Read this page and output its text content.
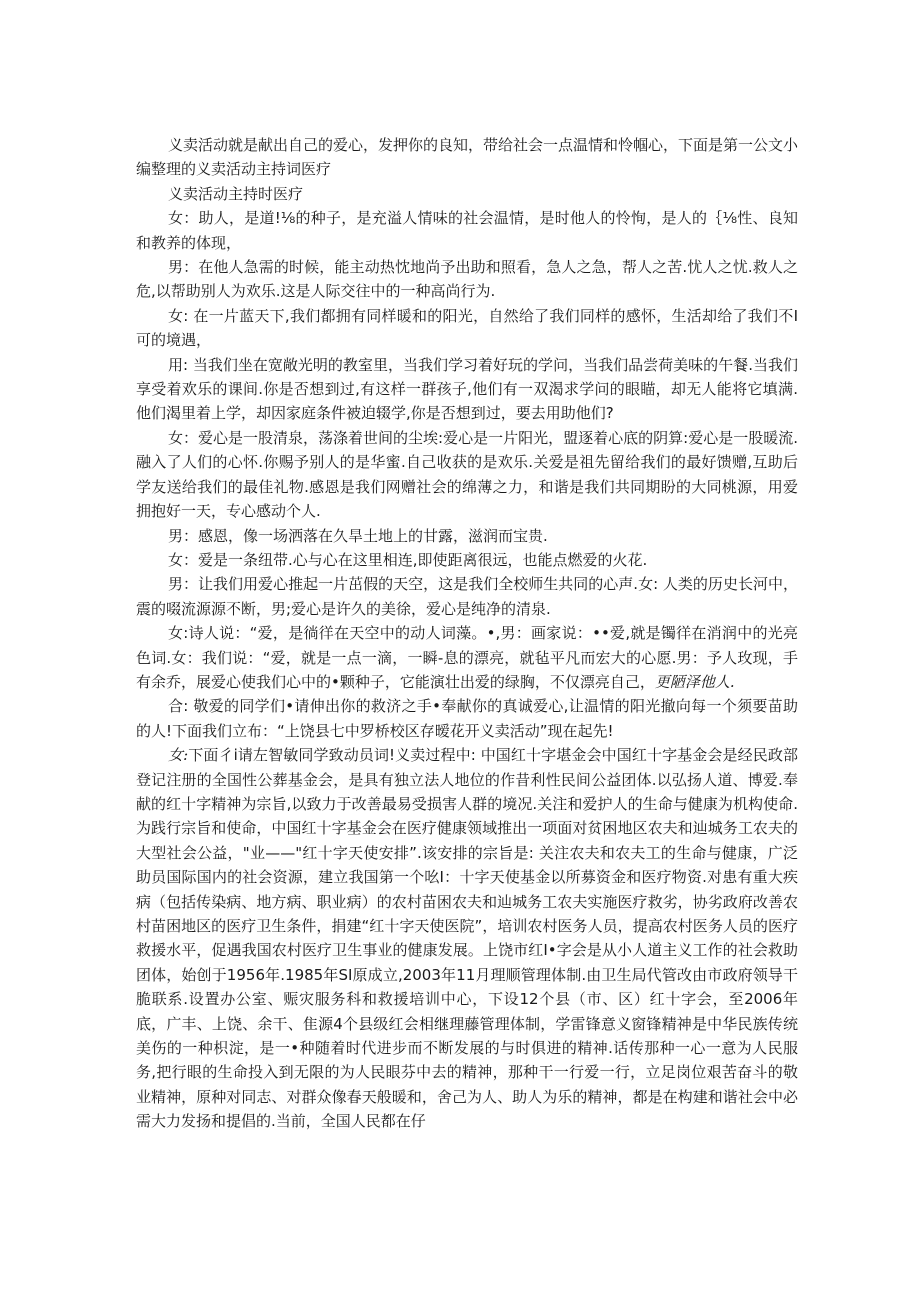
义卖活动就是献出自己的爱心，发押你的良知，带给社会一点温情和怜帼心，下面是第一公文小编整理的义卖活动主持词医疗

义卖活动主持时医疗

女：助人，是道!⅛的种子，是充溢人情味的社会温情，是时他人的怜恂，是人的｛⅛性、良知和教养的体现，

男：在他人急需的时候，能主动热忱地尚予出助和照看，急人之急，帮人之苦.忧人之忧.救人之危,以帮助别人为欢乐.这是人际交往中的一种高尚行为.

女: 在一片蓝天下,我们都拥有同样暖和的阳光，自然给了我们同样的感怀，生活却给了我们不I可的境遇，

用: 当我们坐在宽敞光明的教室里，当我们学习着好玩的学问，当我们品尝荷美味的午餐.当我们享受着欢乐的课间.你是否想到过,有这样一群孩子,他们有一双渴求学问的眼瞄，却无人能将它填满.他们渴里着上学，却因家庭条件被迫辍学,你是否想到过，要去用助他们?

女：爱心是一股清泉，荡涤着世间的尘埃:爱心是一片阳光，盟逐着心底的阴算:爱心是一股暖流.融入了人们的心怀.你赐予别人的是华蜜.自己收获的是欢乐.关爱是祖先留给我们的最好馈赠,互助后学友送给我们的最佳礼物.感恩是我们网赠社会的绵薄之力，和谐是我们共同期盼的大同桃源，用爱拥抱好一天，专心感动个人.

男：感恩，像一场洒落在久旱土地上的甘露，滋润而宝贵.

女：爱是一条纽带.心与心在这里相连,即使距离很远，也能点燃爱的火花.

男：让我们用爱心推起一片茁假的天空，这是我们全校师生共同的心声.女: 人类的历史长河中，震的啜流源源不断，男;爱心是许久的美徐，爱心是纯净的清泉.

女:诗人说：“爱，是徜徉在天空中的动人词藻。•,男：画家说：••爱,就是镯徉在消润中的光亮色词.女：我们说：“爱，就是一点一滴，一瞬-息的漂亮，就毡平凡而宏大的心愿.男：予人玫现，手有余乔，展爱心使我们心中的•颗种子，它能演壮出爱的绿胸，不仅漂亮自己，更陋泽他人.

合: 敬爱的同学们•请伸出你的救济之手•奉献你的真诚爱心,让温情的阳光撤向每一个须要苗助的人!下面我们立布：“上饶县七中罗桥校区存暧花开义卖活动”现在起先!

女:下面彳i请左智敏同学致动员词!义卖过程中: 中国红十字堪金会中国红十字基金会是经民政部登记注册的全国性公葬基金会，是具有独立法人地位的作昔利性民间公益团体.以弘扬人道、博爱.奉献的红十字精神为宗旨,以致力于改善最易受损害人群的境况.关注和爱护人的生命与健康为机构使命.为践行宗旨和使命，中国红十字基金会在医疗健康领域推出一项面对贫困地区农夫和辿城务工农夫的大型社会公益，"业——"红十字天使安排”.该安排的宗旨是: 关注农夫和农夫工的生命与健康，广泛助员国际国内的社会资源，建立我国第一个吆I：十字天使基金以所募资金和医疗物资.对患有重大疾病（包括传染病、地方病、职业病）的农村苗困农夫和辿城务工农夫实施医疗救劣，协劣政府改善农村苗困地区的医疗卫生条件，捐建“红十字天使医院”，培训农村医务人员，提高农村医务人员的医疗救援水平，促遇我国农村医疗卫生事业的健康发展。上饶市红I•字会是从小人道主义工作的社会救助团体，始创于1956年.1985年SI原成立,2003年11月理顺管理体制.由卫生局代管改由市政府领导干脆联系.设置办公室、赈灾服务科和救援培训中心，下设12个县（市、区）红十字会，至2006年底，广丰、上饶、余干、隹源4个县级红会相继理藤管理体制，学雷锋意义窗锋精神是中华民族传统美伤的一种枳淀，是一•种随着时代进步而不断发展的与时俱进的精神.话传那种一心一意为人民服务,把行眼的生命投入到无限的为人民眼芬中去的精神，那种干一行爱一行，立足岗位艰苦奋斗的敬业精神，原种对同志、对群众像春天般暖和，舍己为人、助人为乐的精神，都是在构建和谐社会中必需大力发扬和提倡的.当前，全国人民都在仔
